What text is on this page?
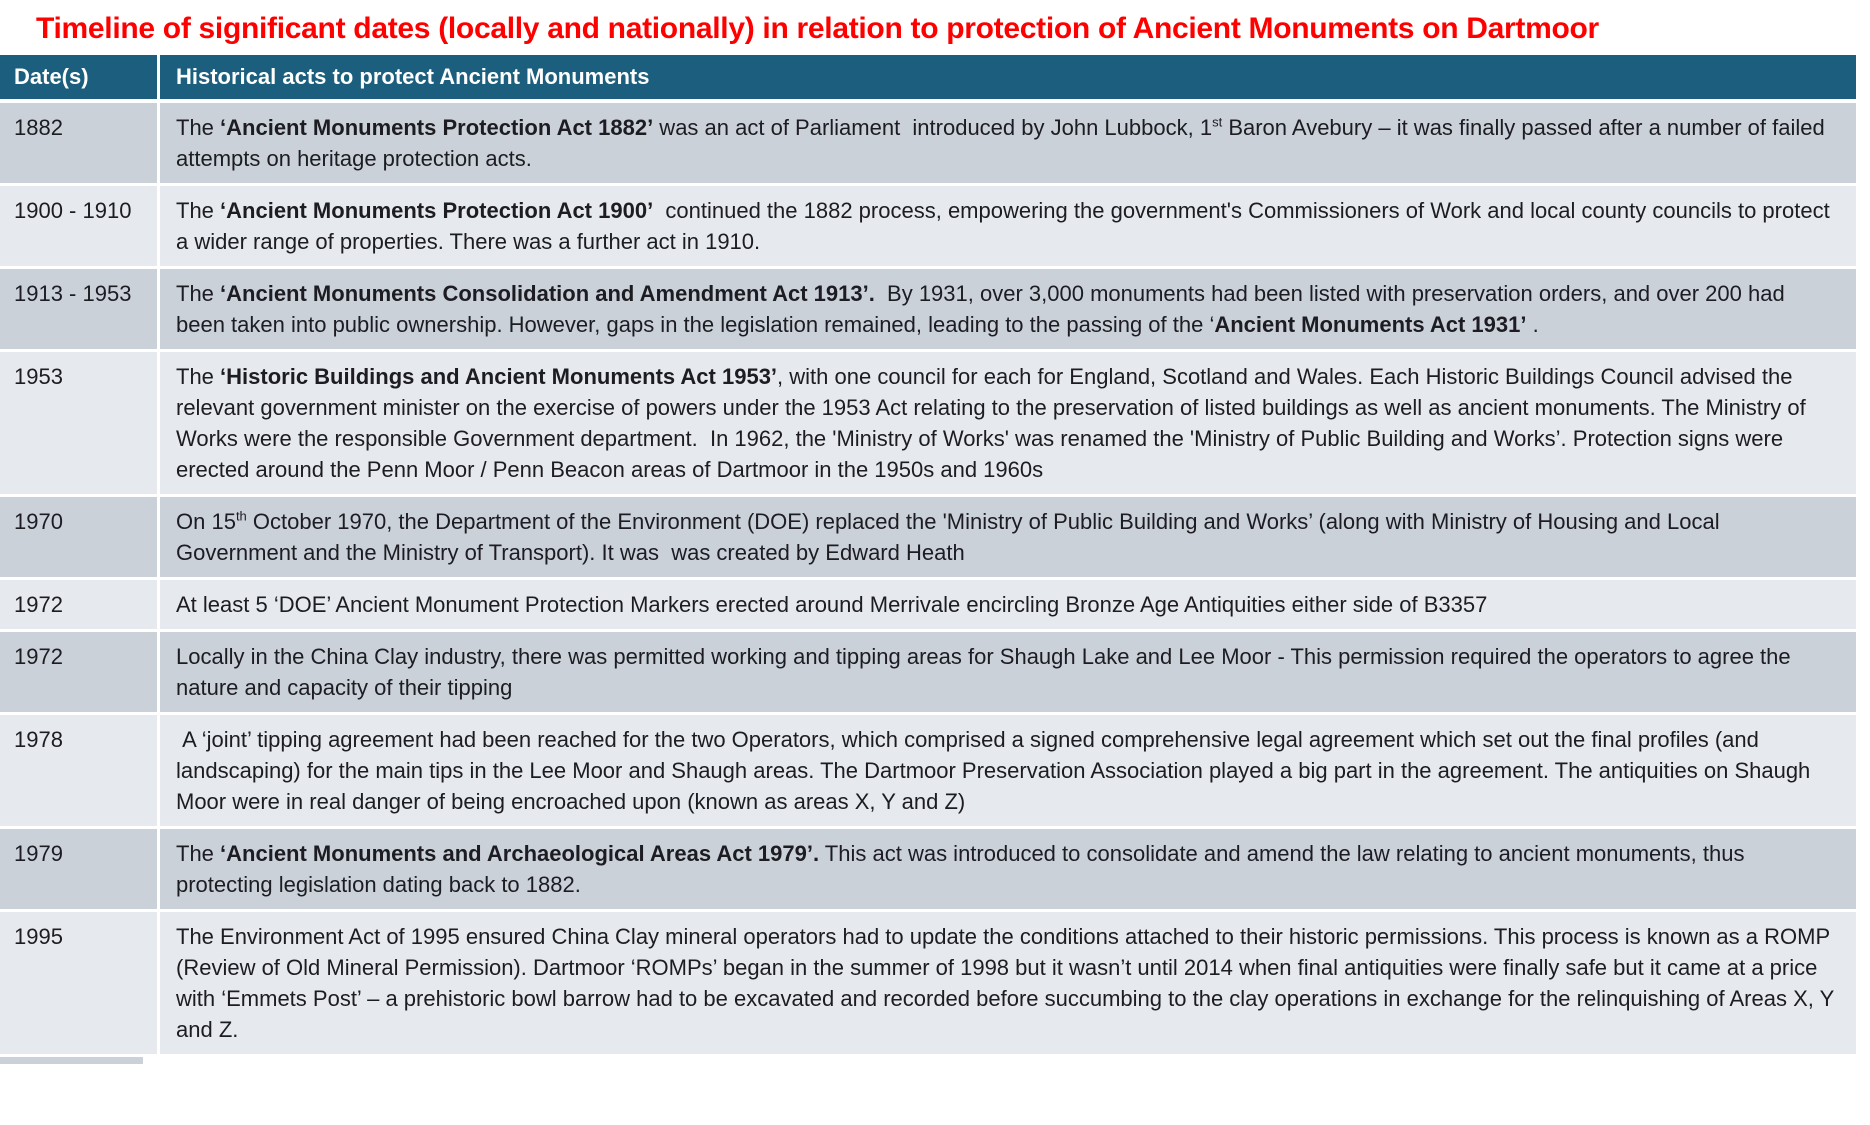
Timeline of significant dates (locally and nationally) in relation to protection of Ancient Monuments on Dartmoor
Date(s)	Historical acts to protect Ancient Monuments
1882	The ‘Ancient Monuments Protection Act 1882’ was an act of Parliament  introduced by John Lubbock, 1st Baron Avebury – it was finally passed after a number of failed attempts on heritage protection acts.
1900 - 1910	The ‘Ancient Monuments Protection Act 1900’  continued the 1882 process, empowering the government's Commissioners of Work and local county councils to protect a wider range of properties. There was a further act in 1910.
1913 - 1953	The ‘Ancient Monuments Consolidation and Amendment Act 1913’.  By 1931, over 3,000 monuments had been listed with preservation orders, and over 200 had been taken into public ownership. However, gaps in the legislation remained, leading to the passing of the ‘Ancient Monuments Act 1931’ .
1953	The ‘Historic Buildings and Ancient Monuments Act 1953’, with one council for each for England, Scotland and Wales. Each Historic Buildings Council advised the relevant government minister on the exercise of powers under the 1953 Act relating to the preservation of listed buildings as well as ancient monuments. The Ministry of Works were the responsible Government department.  In 1962, the 'Ministry of Works' was renamed the 'Ministry of Public Building and Works’. Protection signs were erected around the Penn Moor / Penn Beacon areas of Dartmoor in the 1950s and 1960s
1970	On 15th October 1970, the Department of the Environment (DOE) replaced the 'Ministry of Public Building and Works’ (along with Ministry of Housing and Local Government and the Ministry of Transport). It was  was created by Edward Heath
1972	At least 5 ‘DOE’ Ancient Monument Protection Markers erected around Merrivale encircling Bronze Age Antiquities either side of B3357
1972	Locally in the China Clay industry, there was permitted working and tipping areas for Shaugh Lake and Lee Moor - This permission required the operators to agree the nature and capacity of their tipping
1978	A ‘joint’ tipping agreement had been reached for the two Operators, which comprised a signed comprehensive legal agreement which set out the final profiles (and landscaping) for the main tips in the Lee Moor and Shaugh areas. The Dartmoor Preservation Association played a big part in the agreement. The antiquities on Shaugh Moor were in real danger of being encroached upon (known as areas X, Y and Z)
1979	The ‘Ancient Monuments and Archaeological Areas Act 1979’. This act was introduced to consolidate and amend the law relating to ancient monuments, thus protecting legislation dating back to 1882.
1995	The Environment Act of 1995 ensured China Clay mineral operators had to update the conditions attached to their historic permissions. This process is known as a ROMP (Review of Old Mineral Permission). Dartmoor ‘ROMPs’ began in the summer of 1998 but it wasn’t until 2014 when final antiquities were finally safe but it came at a price with ‘Emmets Post’ – a prehistoric bowl barrow had to be excavated and recorded before succumbing to the clay operations in exchange for the relinquishing of Areas X, Y and Z.
